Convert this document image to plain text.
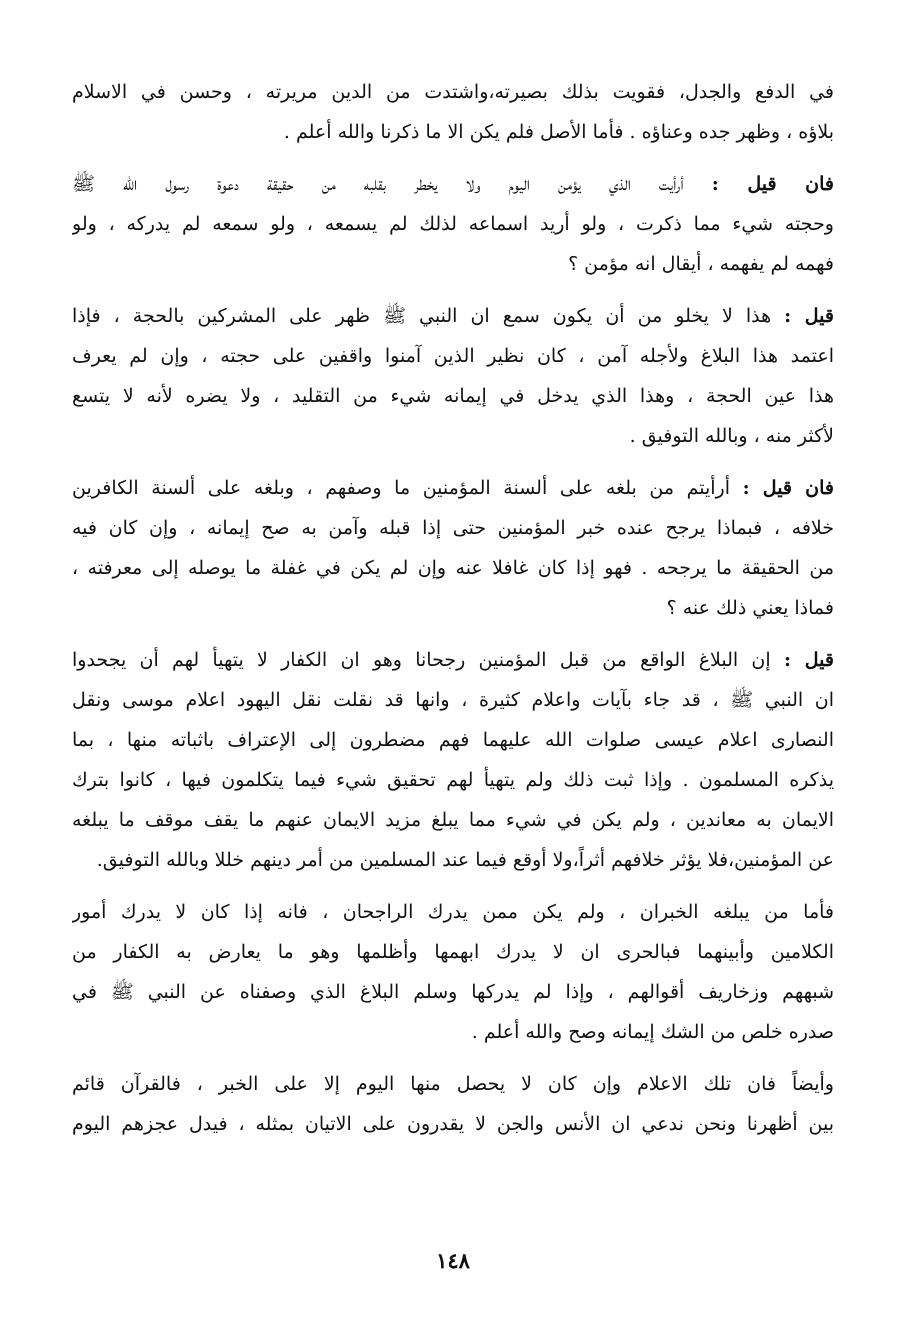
في الدفع والجدل، فقويت بذلك بصيرته،واشتدت من الدين مريرته ، وحسن في الاسلام
بلاؤه ، وظهر جده وعناؤه . فأما الأصل فلم يكن الا ما ذكرنا والله أعلم .
فان قيل : أرأيت الذي يؤمن اليوم ولا يخطر بقلبه من حقيقة دعوة رسول الله ﷺ
وحجته شيء مما ذكرت ، ولو أريد اسماعه لذلك لم يسمعه ، ولو سمعه لم يدركه ، ولو
فهمه لم يفهمه ، أيقال انه مؤمن ؟
قيل : هذا لا يخلو من أن يكون سمع ان النبي ﷺ ظهر على المشركين بالحجة ، فإذا
اعتمد هذا البلاغ ولأجله آمن ، كان نظير الذين آمنوا واقفين على حجته ، وإن لم يعرف
هذا عين الحجة ، وهذا الذي يدخل في إيمانه شيء من التقليد ، ولا يضره لأنه لا يتسع
لأكثر منه ، وبالله التوفيق .
فان قيل : أرأيتم من بلغه على ألسنة المؤمنين ما وصفهم ، وبلغه على ألسنة الكافرين
خلافه ، فبماذا يرجح عنده خبر المؤمنين حتى إذا قبله وآمن به صح إيمانه ، وإن كان فيه
من الحقيقة ما يرجحه . فهو إذا كان غافلا عنه وإن لم يكن في غفلة ما يوصله إلى معرفته ،
فماذا يعني ذلك عنه ؟
قيل : إن البلاغ الواقع من قبل المؤمنين رجحانا وهو ان الكفار لا يتهيأ لهم أن يجحدوا
ان النبي ﷺ ، قد جاء بآيات واعلام كثيرة ، وانها قد نقلت نقل اليهود اعلام موسى ونقل
النصارى اعلام عيسى صلوات الله عليهما فهم مضطرون إلى الإعتراف باثباته منها ، بما
يذكره المسلمون . وإذا ثبت ذلك ولم يتهيأ لهم تحقيق شيء فيما يتكلمون فيها ، كانوا بترك
الايمان به معاندين ، ولم يكن في شيء مما يبلغ مزيد الايمان عنهم ما يقف موقف ما يبلغه
عن المؤمنين،فلا يؤثر خلافهم أثراً،ولا أوقع فيما عند المسلمين من أمر دينهم خللا وبالله التوفيق.
فأما من يبلغه الخبران ، ولم يكن ممن يدرك الراجحان ، فانه إذا كان لا يدرك أمور
الكلامين وأبينهما فبالحرى ان لا يدرك ابهمها وأظلمها وهو ما يعارض به الكفار من
شبههم وزخاريف أقوالهم ، وإذا لم يدركها وسلم البلاغ الذي وصفناه عن النبي ﷺ في
صدره خلص من الشك إيمانه وصح والله أعلم .
وأيضاً فان تلك الاعلام وإن كان لا يحصل منها اليوم إلا على الخبر ، فالقرآن قائم
بين أظهرنا ونحن ندعي ان الأنس والجن لا يقدرون على الاتيان بمثله ، فيدل عجزهم اليوم
١٤٨
